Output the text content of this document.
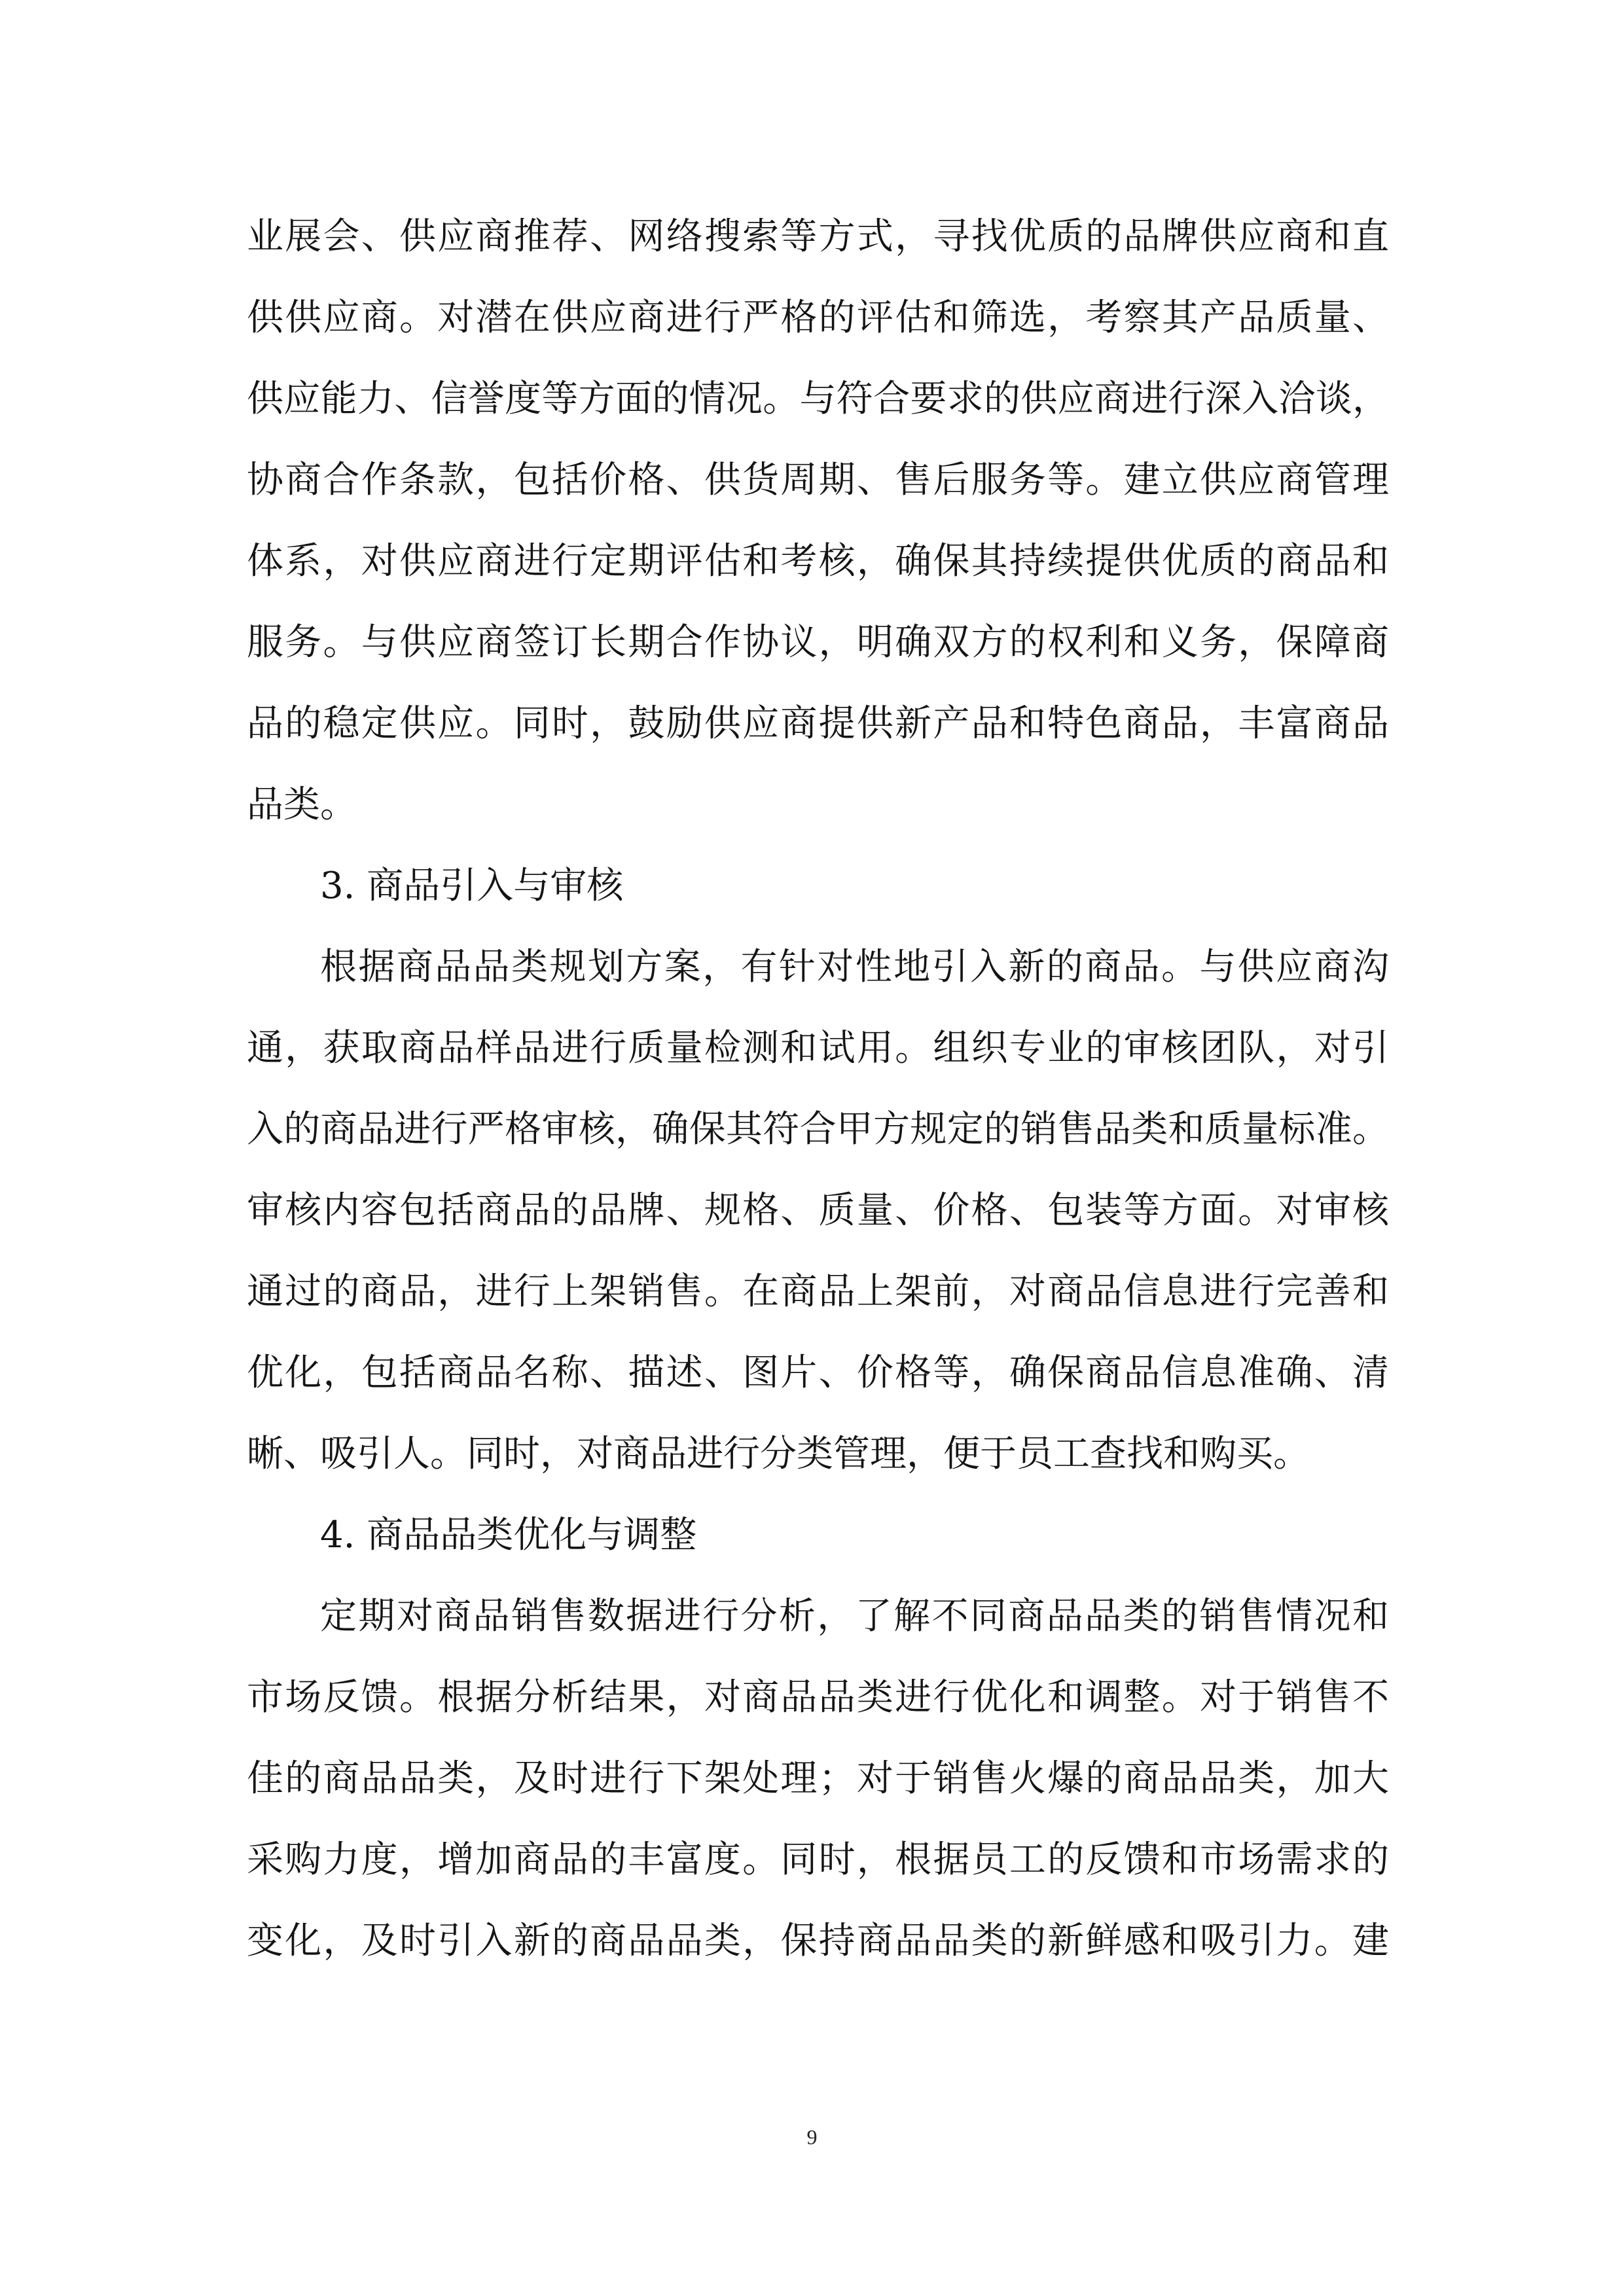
业展会、供应商推荐、网络搜索等方式，寻找优质的品牌供应商和直
供供应商。对潜在供应商进行严格的评估和筛选，考察其产品质量、
供应能力、信誉度等方面的情况。与符合要求的供应商进行深入洽谈，
协商合作条款，包括价格、供货周期、售后服务等。建立供应商管理
体系，对供应商进行定期评估和考核，确保其持续提供优质的商品和
服务。与供应商签订长期合作协议，明确双方的权利和义务，保障商
品的稳定供应。同时，鼓励供应商提供新产品和特色商品，丰富商品
品类。
3. 商品引入与审核
根据商品品类规划方案，有针对性地引入新的商品。与供应商沟
通，获取商品样品进行质量检测和试用。组织专业的审核团队，对引
入的商品进行严格审核，确保其符合甲方规定的销售品类和质量标准。
审核内容包括商品的品牌、规格、质量、价格、包装等方面。对审核
通过的商品，进行上架销售。在商品上架前，对商品信息进行完善和
优化，包括商品名称、描述、图片、价格等，确保商品信息准确、清
晰、吸引人。同时，对商品进行分类管理，便于员工查找和购买。
4. 商品品类优化与调整
定期对商品销售数据进行分析，了解不同商品品类的销售情况和
市场反馈。根据分析结果，对商品品类进行优化和调整。对于销售不
佳的商品品类，及时进行下架处理；对于销售火爆的商品品类，加大
采购力度，增加商品的丰富度。同时，根据员工的反馈和市场需求的
变化，及时引入新的商品品类，保持商品品类的新鲜感和吸引力。建
9
